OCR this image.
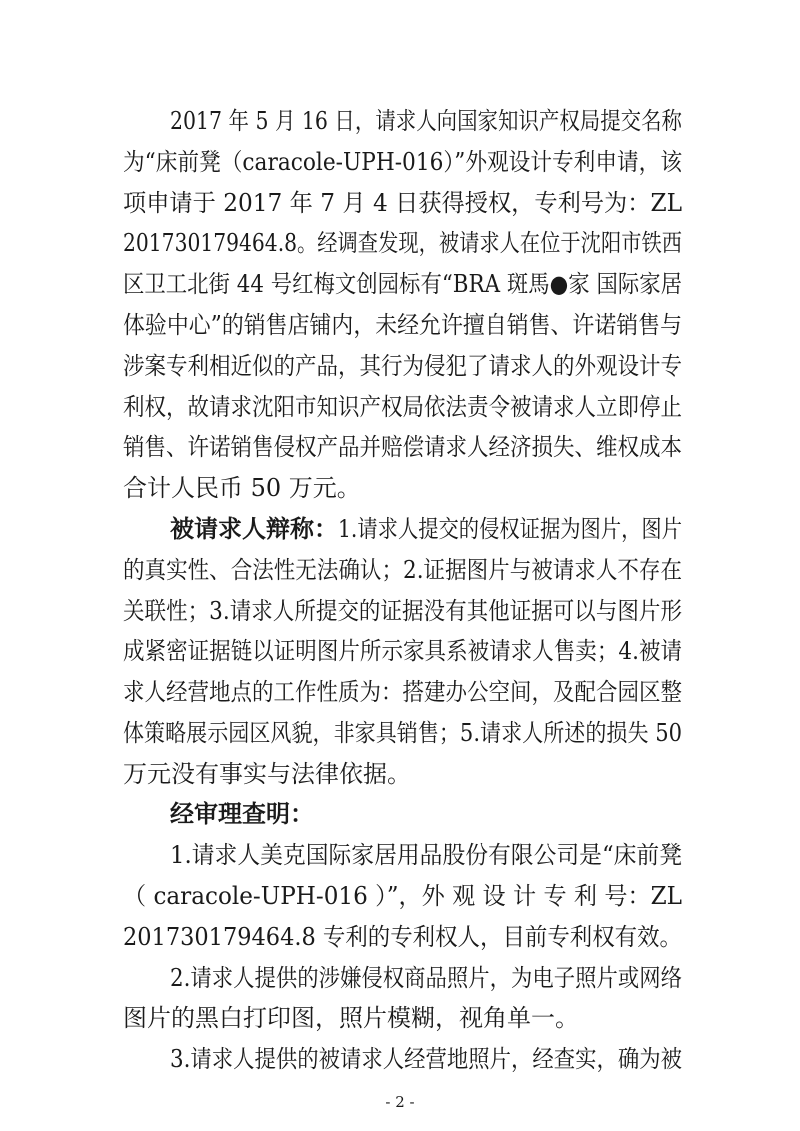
2017 年 5 月 16 日，请求人向国家知识产权局提交名称
为“床前凳（caracole-UPH-016）”外观设计专利申请，该
项申请于 2017 年 7 月 4 日获得授权，专利号为：ZL
201730179464.8。经调查发现，被请求人在位于沈阳市铁西
区卫工北街 44 号红梅文创园标有“BRA 斑馬●家 国际家居
体验中心”的销售店铺内，未经允许擅自销售、许诺销售与
涉案专利相近似的产品，其行为侵犯了请求人的外观设计专
利权，故请求沈阳市知识产权局依法责令被请求人立即停止
销售、许诺销售侵权产品并赔偿请求人经济损失、维权成本
合计人民币 50 万元。

被请求人辩称：

1.请求人提交的侵权证据为图片，图片

的真实性、合法性无法确认；2.证据图片与被请求人不存在
关联性；3.请求人所提交的证据没有其他证据可以与图片形
成紧密证据链以证明图片所示家具系被请求人售卖；4.被请
求人经营地点的工作性质为：搭建办公空间，及配合园区整
体策略展示园区风貌，非家具销售；5.请求人所述的损失 50
万元没有事实与法律依据。

经审理查明：

1.请求人美克国际家居用品股份有限公司是“床前凳
（ caracole-UPH-016 ）”，外 观 设 计 专 利 号：ZL
201730179464.8 专利的专利权人，目前专利权有效。
2.请求人提供的涉嫌侵权商品照片，为电子照片或网络
- 2 -
图片的黑白打印图，照片模糊，视角单一。
3.请求人提供的被请求人经营地照片，经查实，确为被
